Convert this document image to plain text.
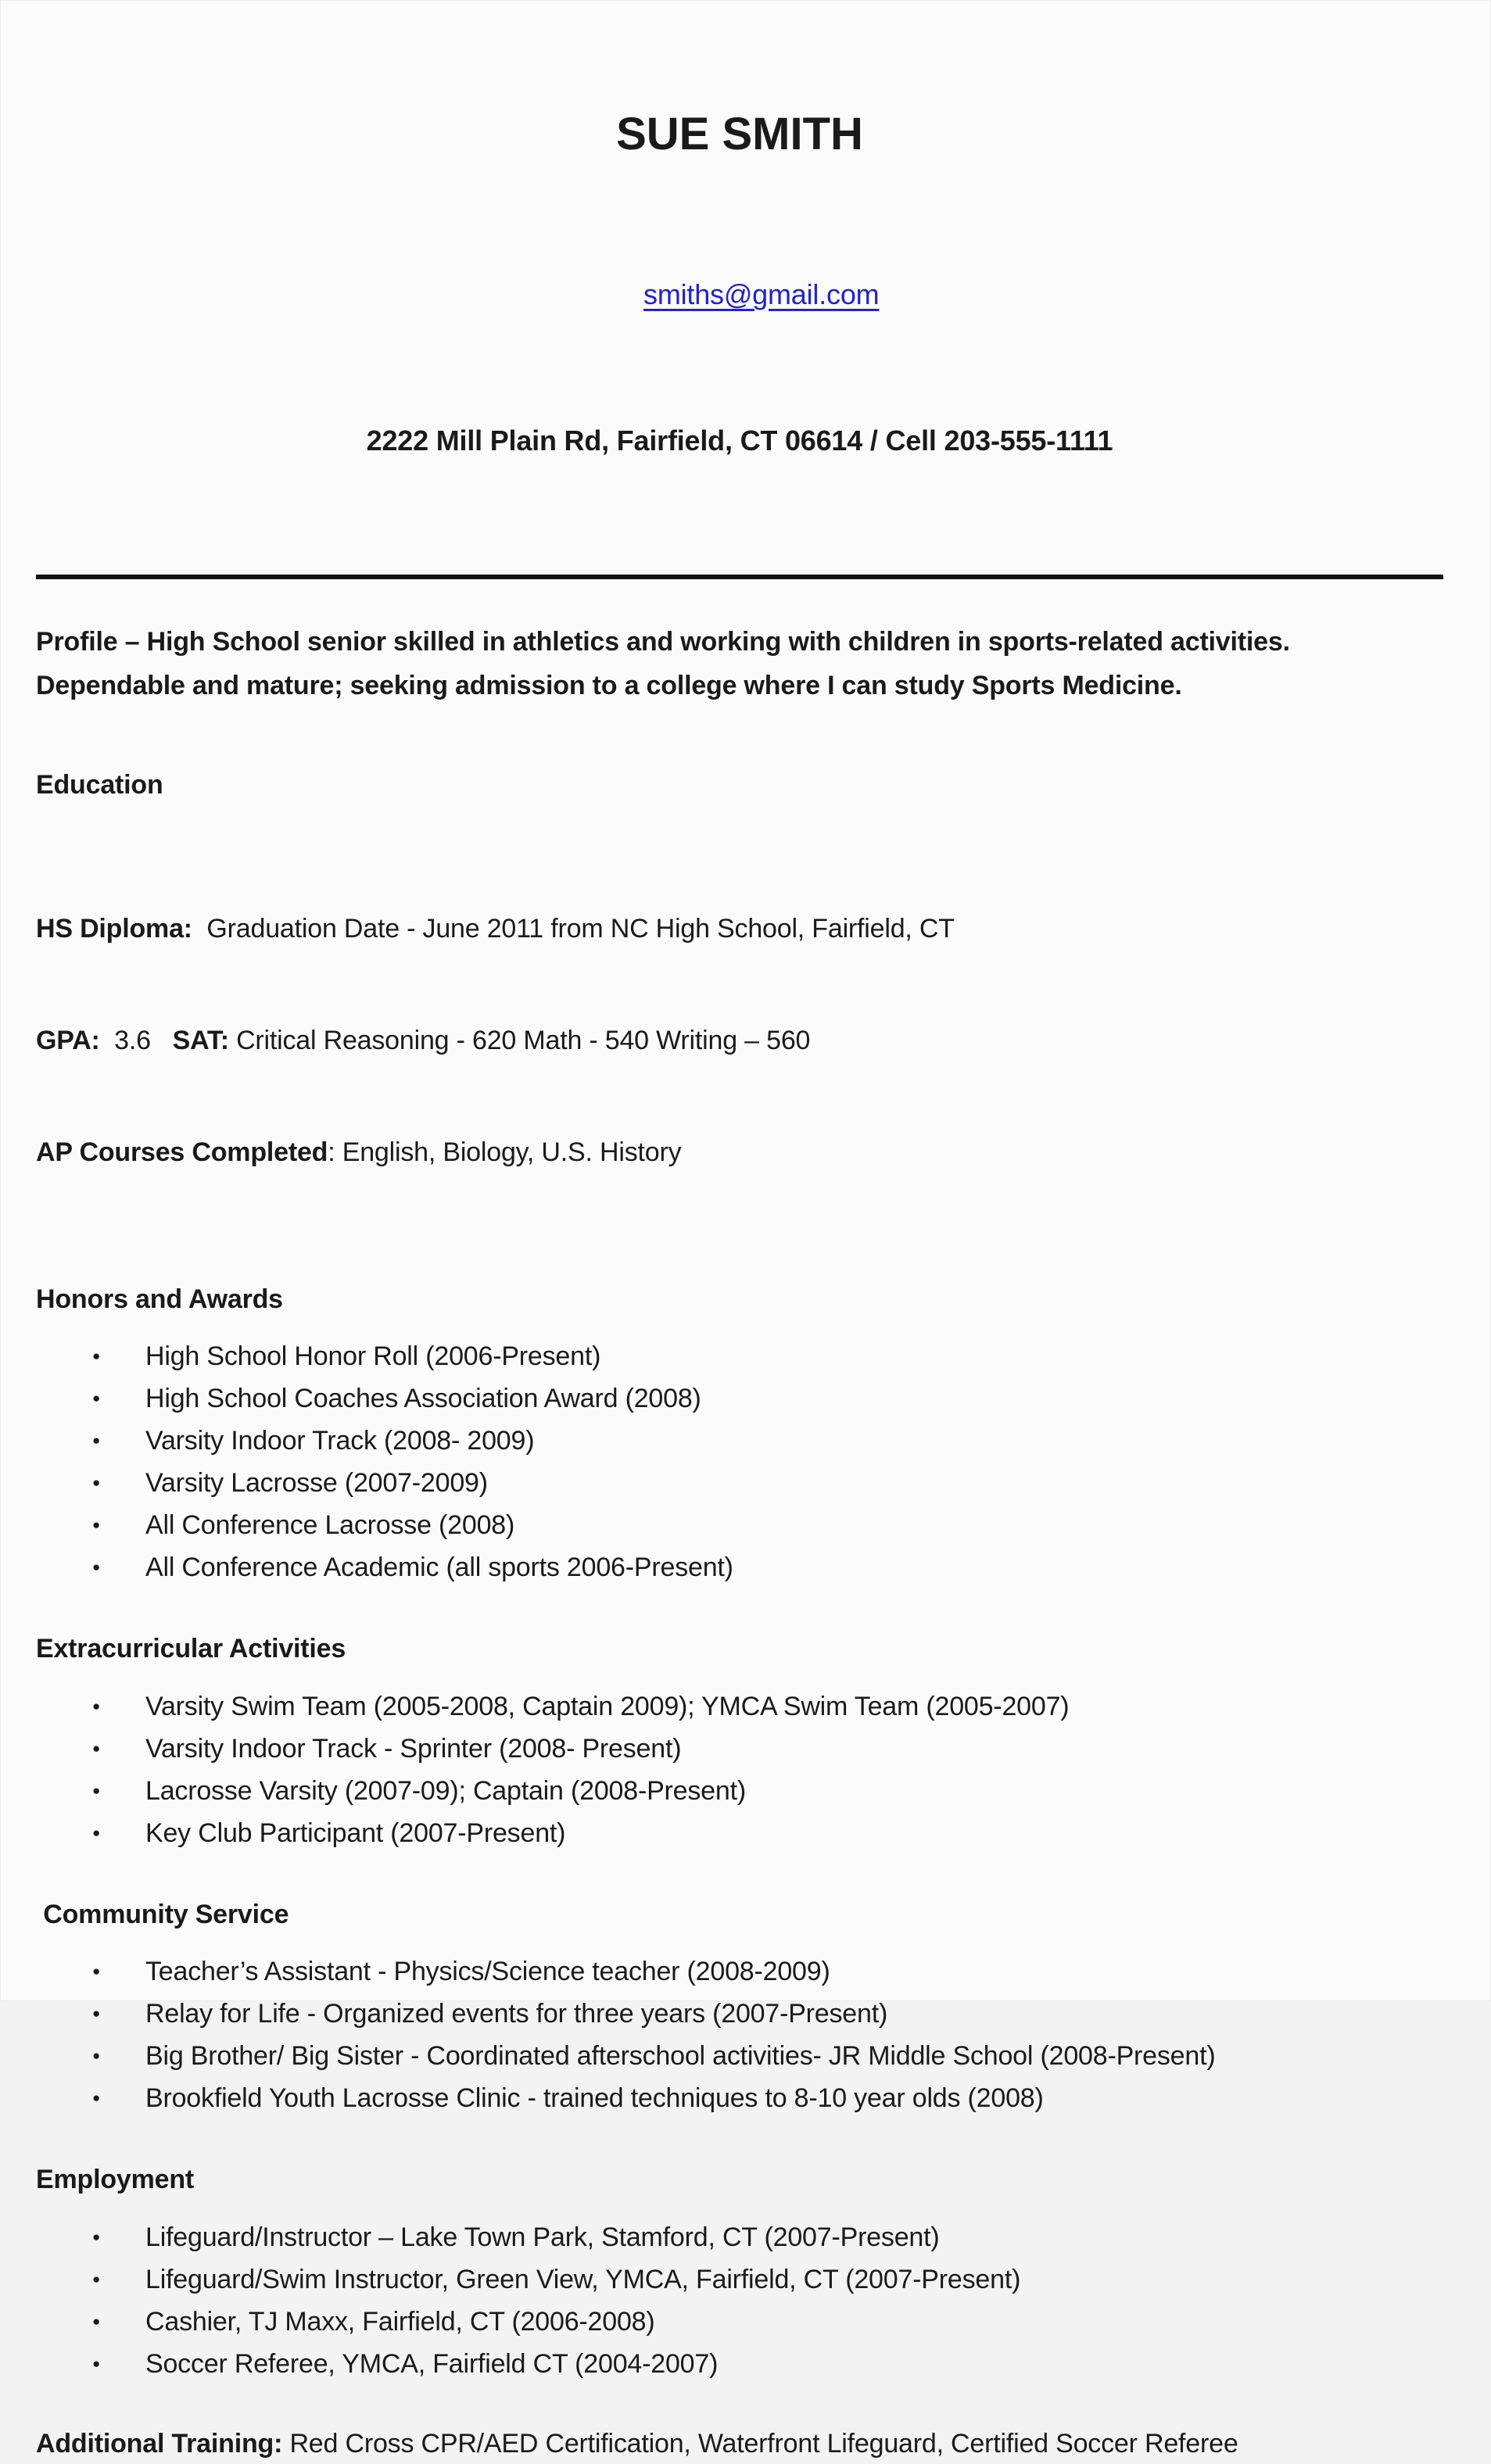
SUE SMITH

smiths@gmail.com

2222 Mill Plain Rd, Fairfield, CT 06614 / Cell 203-555-1111

Profile – High School senior skilled in athletics and working with children in sports-related activities. Dependable and mature; seeking admission to a college where I can study Sports Medicine.

Education

HS Diploma:  Graduation Date - June 2011 from NC High School, Fairfield, CT

GPA:  3.6   SAT: Critical Reasoning - 620 Math - 540 Writing – 560

AP Courses Completed: English, Biology, U.S. History

Honors and Awards
● High School Honor Roll (2006-Present)
● High School Coaches Association Award (2008)
● Varsity Indoor Track (2008- 2009)
● Varsity Lacrosse (2007-2009)
● All Conference Lacrosse (2008)
● All Conference Academic (all sports 2006-Present)
Extracurricular Activities
● Varsity Swim Team (2005-2008, Captain 2009); YMCA Swim Team (2005-2007)
● Varsity Indoor Track - Sprinter (2008- Present)
● Lacrosse Varsity (2007-09); Captain (2008-Present)
● Key Club Participant (2007-Present)
Community Service
● Teacher’s Assistant - Physics/Science teacher (2008-2009)
● Relay for Life - Organized events for three years (2007-Present)
● Big Brother/ Big Sister - Coordinated afterschool activities- JR Middle School (2008-Present)
● Brookfield Youth Lacrosse Clinic - trained techniques to 8-10 year olds (2008)
Employment
● Lifeguard/Instructor – Lake Town Park, Stamford, CT (2007-Present)
● Lifeguard/Swim Instructor, Green View, YMCA, Fairfield, CT (2007-Present)
● Cashier, TJ Maxx, Fairfield, CT (2006-2008)
● Soccer Referee, YMCA, Fairfield CT (2004-2007)

Additional Training: Red Cross CPR/AED Certification, Waterfront Lifeguard, Certified Soccer Referee
